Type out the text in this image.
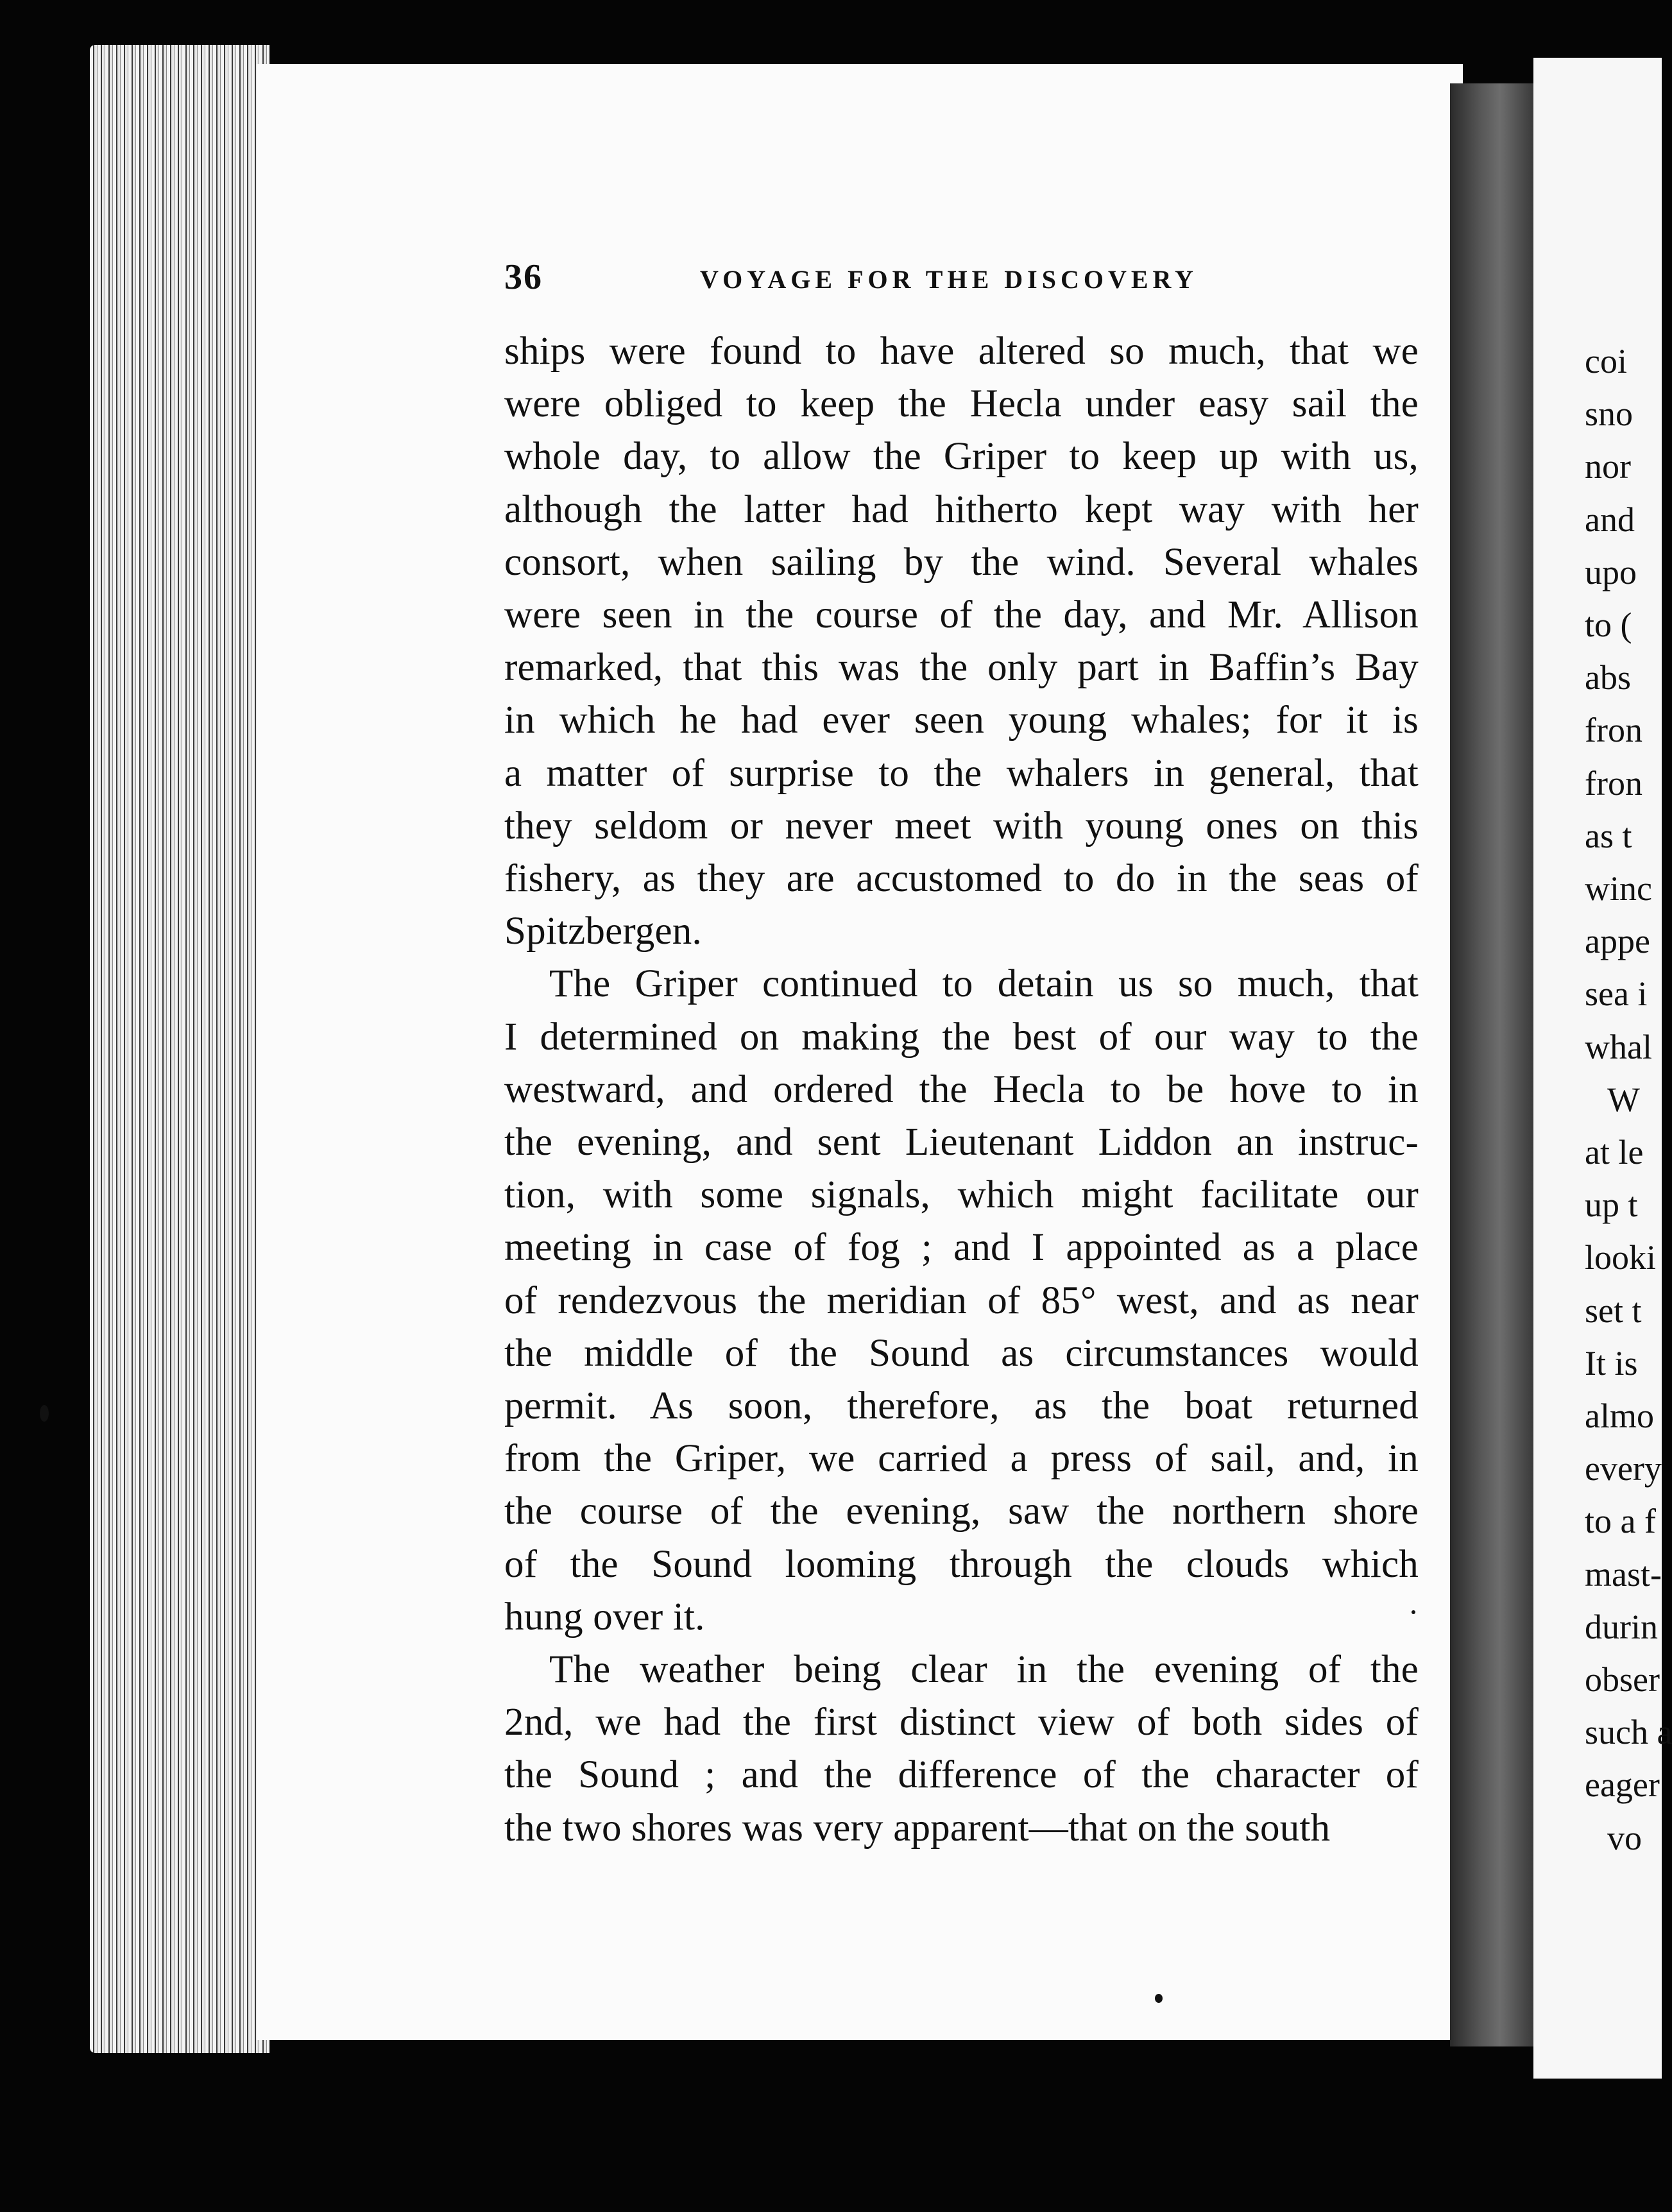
36	VOYAGE FOR THE DISCOVERY
ships were found to have altered so much, that we
were obliged to keep the Hecla under easy sail the
whole day, to allow the Griper to keep up with us,
although the latter had hitherto kept way with her
consort, when sailing by the wind. Several whales
were seen in the course of the day, and Mr. Allison
remarked, that this was the only part in Baffin’s Bay
in which he had ever seen young whales; for it is
a matter of surprise to the whalers in general, that
they seldom or never meet with young ones on this
fishery, as they are accustomed to do in the seas of
Spitzbergen.
The Griper continued to detain us so much, that
I determined on making the best of our way to the
westward, and ordered the Hecla to be hove to in
the evening, and sent Lieutenant Liddon an instruc-
tion, with some signals, which might facilitate our
meeting in case of fog ; and I appointed as a place
of rendezvous the meridian of 85° west, and as near
the middle of the Sound as circumstances would
permit. As soon, therefore, as the boat returned
from the Griper, we carried a press of sail, and, in
the course of the evening, saw the northern shore
of the Sound looming through the clouds which
hung over it.
The weather being clear in the evening of the
2nd, we had the first distinct view of both sides of
the Sound ; and the difference of the character of
the two shores was very apparent—that on the south
coi
sno
nor
and
upo
to (
abs
fron
fron
as t
winc
appe
sea i
whal
W
at le
up t
looki
set t
It is
almo
every
to a f
mast-
durin
obser
such a
eager
vo
